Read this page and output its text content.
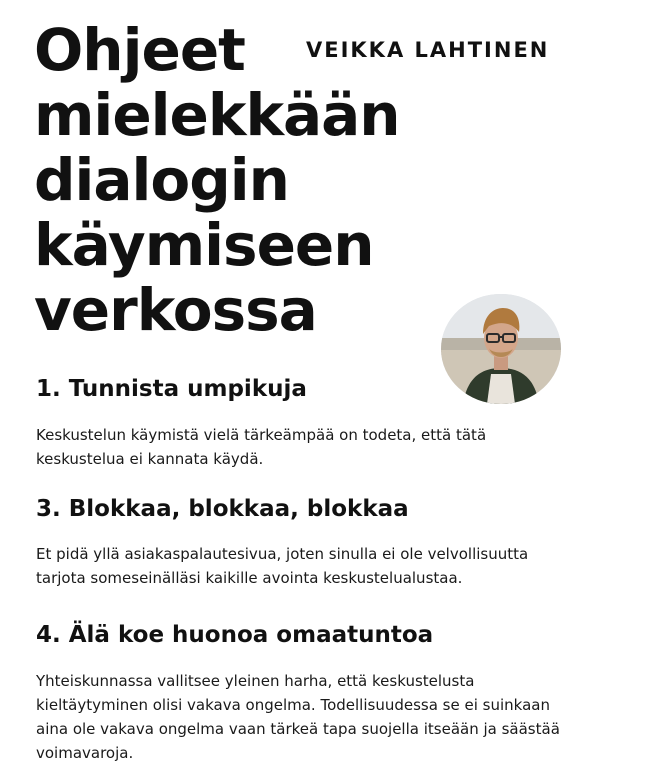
Ohjeet
mielekkään
dialogin
käymiseen
verkossa
VEIKKA LAHTINEN
1. Tunnista umpikuja

Keskustelun käymistä vielä tärkeämpää on todeta, että tätä
keskustelua ei kannata käydä.

3. Blokkaa, blokkaa, blokkaa

Et pidä yllä asiakaspalautesivua, joten sinulla ei ole velvollisuutta
tarjota someseinälläsi kaikille avointa keskustelualustaa.

4. Älä koe huonoa omaatuntoa

Yhteiskunnassa vallitsee yleinen harha, että keskustelusta
kieltäytyminen olisi vakava ongelma. Todellisuudessa se ei suinkaan
aina ole vakava ongelma vaan tärkeä tapa suojella itseään ja säästää
voimavaroja.
